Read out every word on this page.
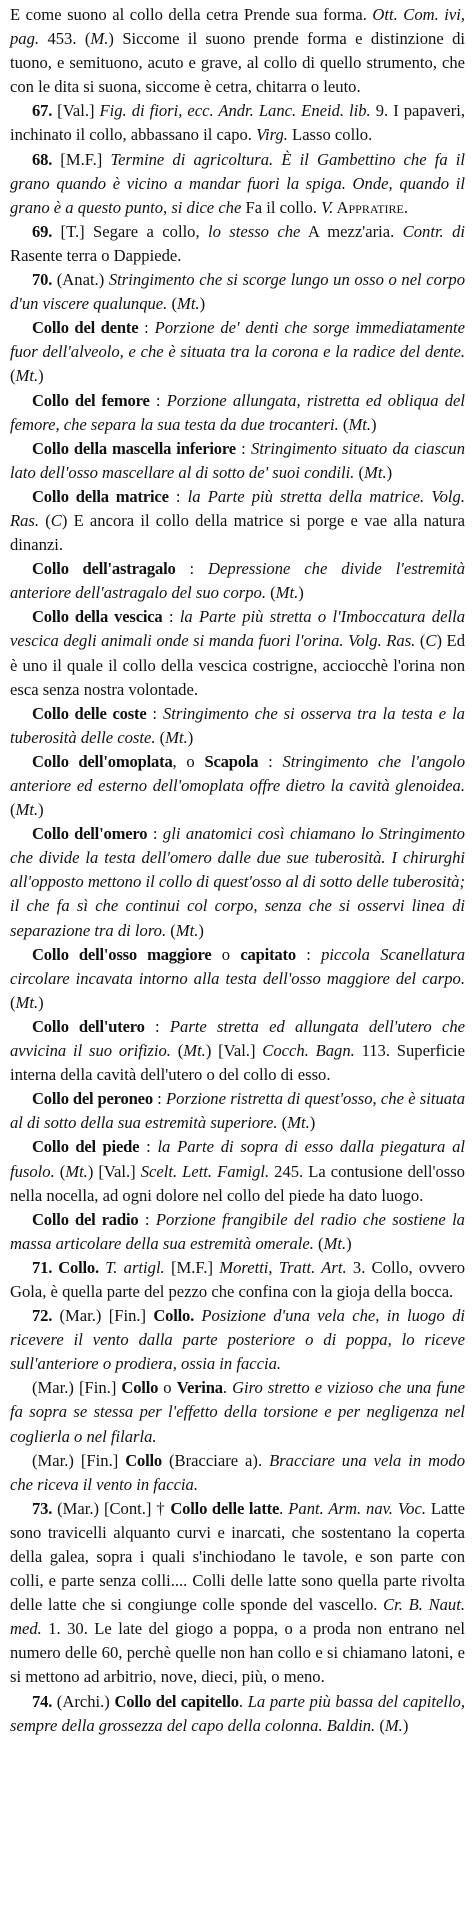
E come suono al collo della cetra Prende sua forma. Ott. Com. ivi, pag. 453. (M.) Siccome il suono prende forma e distinzione di tuono, e semituono, acuto e grave, al collo di quello strumento, che con le dita si suona, siccome è cetra, chitarra o leuto.

67. [Val.] Fig. di fiori, ecc. Andr. Lanc. Eneid. lib. 9. I papaveri, inchinato il collo, abbassano il capo. Virg. Lasso collo.

68. [M.F.] Termine di agricoltura. È il Gambettino che fa il grano quando è vicino a mandar fuori la spiga. Onde, quando il grano è a questo punto, si dice che Fa il collo. V. Appratire.

69. [T.] Segare a collo, lo stesso che A mezz'aria. Contr. di Rasente terra o Dappiede.

70. (Anat.) Stringimento che si scorge lungo un osso o nel corpo d'un viscere qualunque. (Mt.)

Collo del dente : Porzione de' denti che sorge immediatamente fuor dell'alveolo, e che è situata tra la corona e la radice del dente. (Mt.)

Collo del femore : Porzione allungata, ristretta ed obliqua del femore, che separa la sua testa da due trocanteri. (Mt.)

Collo della mascella inferiore : Stringimento situato da ciascun lato dell'osso mascellare al di sotto de' suoi condili. (Mt.)

Collo della matrice : la Parte più stretta della matrice. Volg. Ras. (C) E ancora il collo della matrice si porge e vae alla natura dinanzi.

Collo dell'astragalo : Depressione che divide l'estremità anteriore dell'astragalo del suo corpo. (Mt.)

Collo della vescica : la Parte più stretta o l'Imboccatura della vescica degli animali onde si manda fuori l'orina. Volg. Ras. (C) Ed è uno il quale il collo della vescica costrigne, acciocchè l'orina non esca senza nostra volontade.

Collo delle coste : Stringimento che si osserva tra la testa e la tuberosità delle coste. (Mt.)

Collo dell'omoplata, o Scapola : Stringimento che l'angolo anteriore ed esterno dell'omoplata offre dietro la cavità glenoidea. (Mt.)

Collo dell'omero : gli anatomici così chiamano lo Stringimento che divide la testa dell'omero dalle due sue tuberosità. I chirurghi all'opposto mettono il collo di quest'osso al di sotto delle tuberosità; il che fa sì che continui col corpo, senza che si osservi linea di separazione tra di loro. (Mt.)

Collo dell'osso maggiore o capitato : piccola Scanellatura circolare incavata intorno alla testa dell'osso maggiore del carpo. (Mt.)

Collo dell'utero : Parte stretta ed allungata dell'utero che avvicina il suo orifizio. (Mt.) [Val.] Cocch. Bagn. 113. Superficie interna della cavità dell'utero o del collo di esso.

Collo del peroneo : Porzione ristretta di quest'osso, che è situata al di sotto della sua estremità superiore. (Mt.)

Collo del piede : la Parte di sopra di esso dalla piegatura al fusolo. (Mt.) [Val.] Scelt. Lett. Famigl. 245. La contusione dell'osso nella nocella, ad ogni dolore nel collo del piede ha dato luogo.

Collo del radio : Porzione frangibile del radio che sostiene la massa articolare della sua estremità omerale. (Mt.)

71. Collo. T. artigl. [M.F.] Moretti, Tratt. Art. 3. Collo, ovvero Gola, è quella parte del pezzo che confina con la gioja della bocca.

72. (Mar.) [Fin.] Collo. Posizione d'una vela che, in luogo di ricevere il vento dalla parte posteriore o di poppa, lo riceve sull'anteriore o prodiera, ossia in faccia.

(Mar.) [Fin.] Collo o Verina. Giro stretto e vizioso che una fune fa sopra se stessa per l'effetto della torsione e per negligenza nel coglierla o nel filarla.

(Mar.) [Fin.] Collo (Bracciare a). Bracciare una vela in modo che riceva il vento in faccia.

73. (Mar.) [Cont.] † Collo delle latte. Pant. Arm. nav. Voc. Latte sono travicelli alquanto curvi e inarcati, che sostentano la coperta della galea, sopra i quali s'inchiodano le tavole, e son parte con colli, e parte senza colli.... Colli delle latte sono quella parte rivolta delle latte che si congiunge colle sponde del vascello. Cr. B. Naut. med. 1. 30. Le late del giogo a poppa, o a proda non entrano nel numero delle 60, perchè quelle non han collo e si chiamano latoni, e si mettono ad arbitrio, nove, dieci, più, o meno.

74. (Archi.) Collo del capitello. La parte più bassa del capitello, sempre della grossezza del capo della colonna. Baldin. (M.)
